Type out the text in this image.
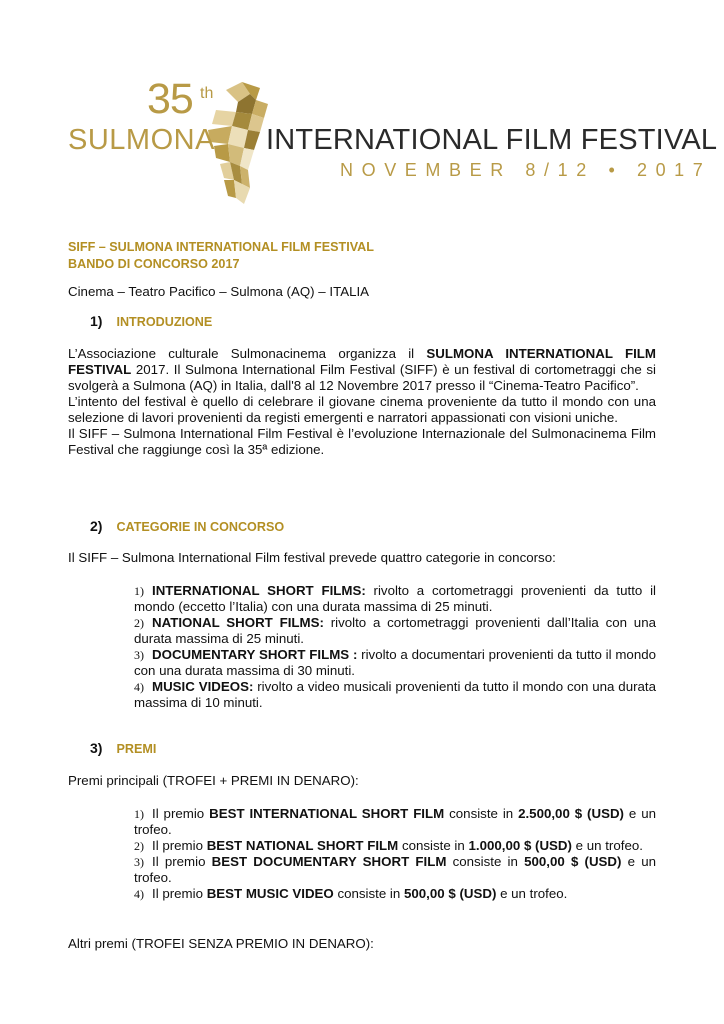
35 th
SULMONA INTERNATIONAL FILM FESTIVAL
NOVEMBER 8/12 • 2017
SIFF – SULMONA INTERNATIONAL FILM FESTIVAL
BANDO DI CONCORSO 2017
Cinema – Teatro Pacifico – Sulmona (AQ) – ITALIA
1) INTRODUZIONE

L’Associazione culturale Sulmonacinema organizza il SULMONA INTERNATIONAL FILM FESTIVAL 2017. Il Sulmona International Film Festival (SIFF) è un festival di cortometraggi che si svolgerà a Sulmona (AQ) in Italia, dall'8 al 12 Novembre 2017 presso il “Cinema-Teatro Pacifico”.

L’intento del festival è quello di celebrare il giovane cinema proveniente da tutto il mondo con una selezione di lavori provenienti da registi emergenti e narratori appassionati con visioni uniche.

Il SIFF – Sulmona International Film Festival è l’evoluzione Internazionale del Sulmonacinema Film Festival che raggiunge così la 35ª edizione.

2) CATEGORIE IN CONCORSO
Il SIFF – Sulmona International Film festival prevede quattro categorie in concorso:

1) INTERNATIONAL SHORT FILMS: rivolto a cortometraggi provenienti da tutto il mondo (eccetto l’Italia) con una durata massima di 25 minuti.

2) NATIONAL SHORT FILMS: rivolto a cortometraggi provenienti dall’Italia con una durata massima di 25 minuti.

3) DOCUMENTARY SHORT FILMS : rivolto a documentari provenienti da tutto il mondo con una durata massima di 30 minuti.

4) MUSIC VIDEOS: rivolto a video musicali provenienti da tutto il mondo con una durata massima di 10 minuti.

3) PREMI
Premi principali (TROFEI + PREMI IN DENARO):

1) Il premio BEST INTERNATIONAL SHORT FILM consiste in 2.500,00 $ (USD) e un trofeo.

2) Il premio BEST NATIONAL SHORT FILM consiste in 1.000,00 $ (USD) e un trofeo.

3) Il premio BEST DOCUMENTARY SHORT FILM consiste in 500,00 $ (USD) e un trofeo.

4) Il premio BEST MUSIC VIDEO consiste in 500,00 $ (USD) e un trofeo.

Altri premi (TROFEI SENZA PREMIO IN DENARO):
